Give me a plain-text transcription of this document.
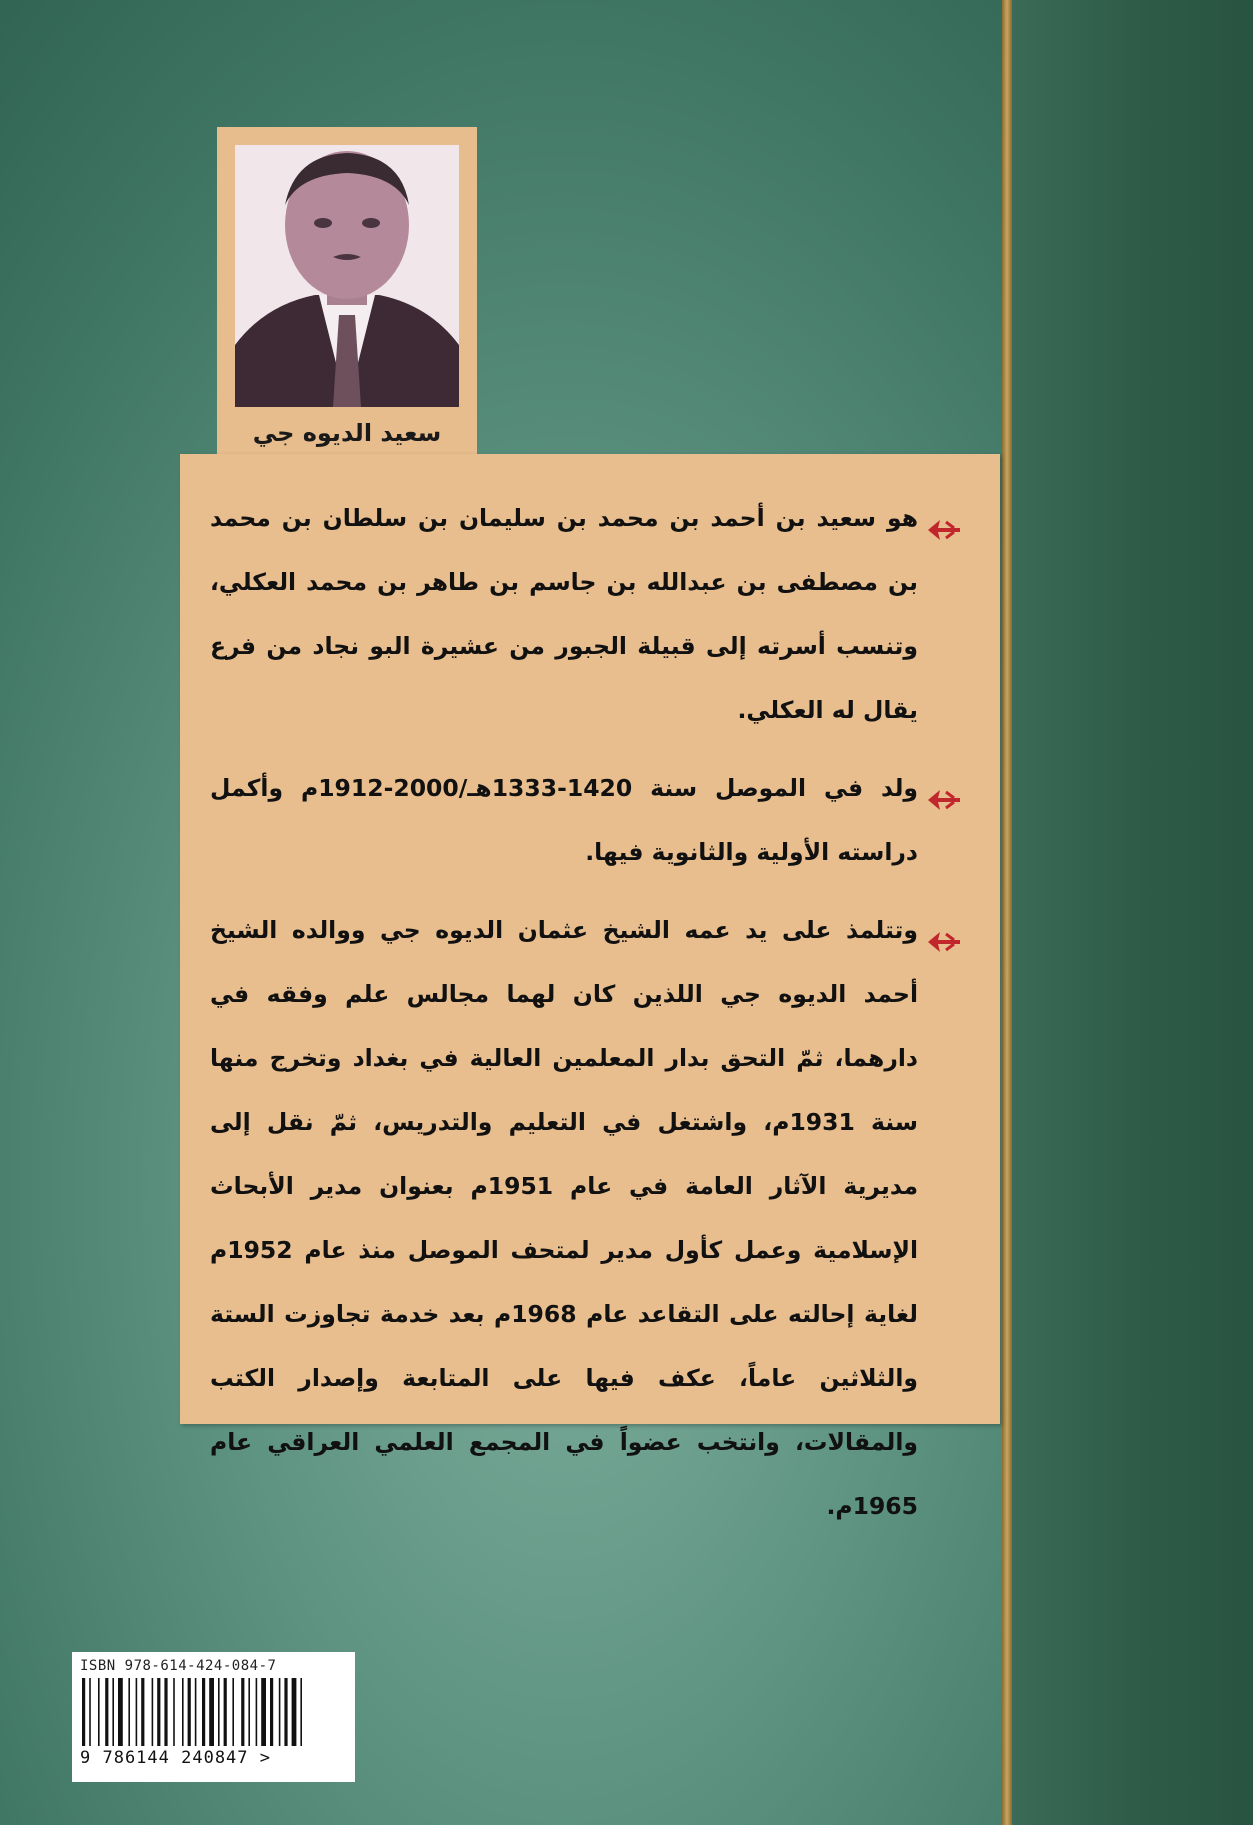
سعيد الديوه جي
هو سعيد بن أحمد بن محمد بن سليمان بن سلطان بن محمد بن مصطفى بن عبدالله بن جاسم بن طاهر بن محمد العكلي، وتنسب أسرته إلى قبيلة الجبور من عشيرة البو نجاد من فرع يقال له العكلي.
ولد في الموصل سنة 1420-1333هـ/2000-1912م وأكمل دراسته الأولية والثانوية فيها.
وتتلمذ على يد عمه الشيخ عثمان الديوه جي ووالده الشيخ أحمد الديوه جي اللذين كان لهما مجالس علم وفقه في دارهما، ثمّ التحق بدار المعلمين العالية في بغداد وتخرج منها سنة 1931م، واشتغل في التعليم والتدريس، ثمّ نقل إلى مديرية الآثار العامة في عام 1951م بعنوان مدير الأبحاث الإسلامية وعمل كأول مدير لمتحف الموصل منذ عام 1952م لغاية إحالته على التقاعد عام 1968م بعد خدمة تجاوزت الستة والثلاثين عاماً، عكف فيها على المتابعة وإصدار الكتب والمقالات، وانتخب عضواً في المجمع العلمي العراقي عام 1965م.
ISBN 978-614-424-084-7
9 786144 240847 >
